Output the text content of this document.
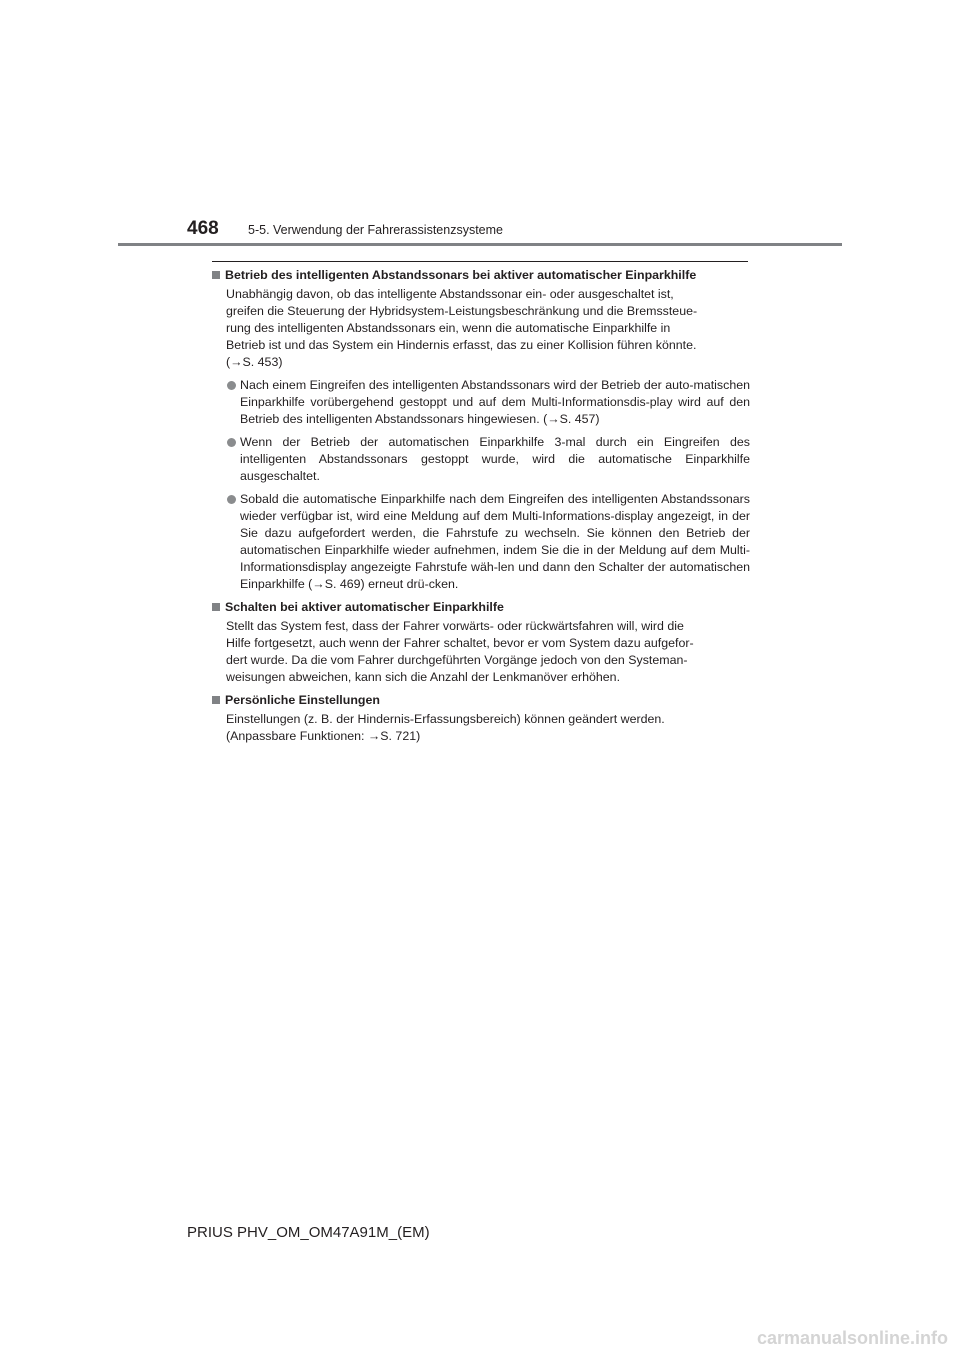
468 5-5. Verwendung der Fahrerassistenzsysteme
Betrieb des intelligenten Abstandssonars bei aktiver automatischer Einparkhilfe
Unabhängig davon, ob das intelligente Abstandssonar ein- oder ausgeschaltet ist,
greifen die Steuerung der Hybridsystem-Leistungsbeschränkung und die Bremssteue-
rung des intelligenten Abstandssonars ein, wenn die automatische Einparkhilfe in
Betrieb ist und das System ein Hindernis erfasst, das zu einer Kollision führen könnte.
(→S. 453)
Nach einem Eingreifen des intelligenten Abstandssonars wird der Betrieb der auto-matischen Einparkhilfe vorübergehend gestoppt und auf dem Multi-Informationsdis-play wird auf den Betrieb des intelligenten Abstandssonars hingewiesen. (→S. 457)
Wenn der Betrieb der automatischen Einparkhilfe 3-mal durch ein Eingreifen des intelligenten Abstandssonars gestoppt wurde, wird die automatische Einparkhilfe ausgeschaltet.
Sobald die automatische Einparkhilfe nach dem Eingreifen des intelligenten Abstandssonars wieder verfügbar ist, wird eine Meldung auf dem Multi-Informations-display angezeigt, in der Sie dazu aufgefordert werden, die Fahrstufe zu wechseln. Sie können den Betrieb der automatischen Einparkhilfe wieder aufnehmen, indem Sie die in der Meldung auf dem Multi-Informationsdisplay angezeigte Fahrstufe wäh-len und dann den Schalter der automatischen Einparkhilfe (→S. 469) erneut drü-cken.
Schalten bei aktiver automatischer Einparkhilfe
Stellt das System fest, dass der Fahrer vorwärts- oder rückwärtsfahren will, wird die
Hilfe fortgesetzt, auch wenn der Fahrer schaltet, bevor er vom System dazu aufgefor-
dert wurde. Da die vom Fahrer durchgeführten Vorgänge jedoch von den Systeman-
weisungen abweichen, kann sich die Anzahl der Lenkmanöver erhöhen.
Persönliche Einstellungen
Einstellungen (z. B. der Hindernis-Erfassungsbereich) können geändert werden.
(Anpassbare Funktionen: →S. 721)
PRIUS PHV_OM_OM47A91M_(EM)
carmanualsonline.info
